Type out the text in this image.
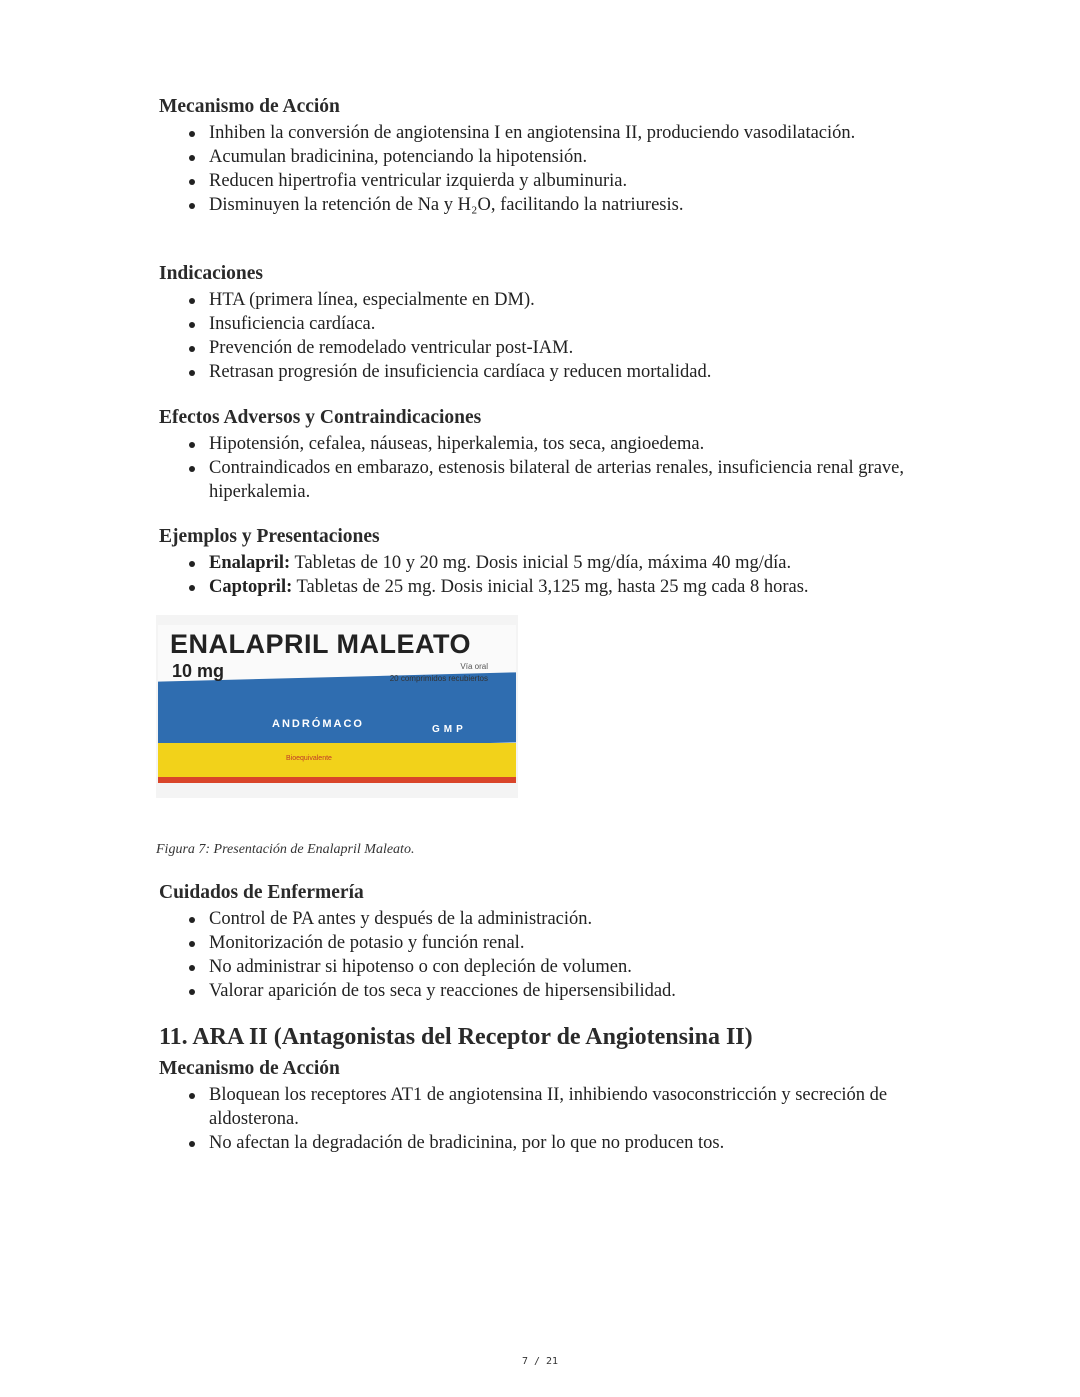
Mecanismo de Acción
Inhiben la conversión de angiotensina I en angiotensina II, produciendo vasodilatación.
Acumulan bradicinina, potenciando la hipotensión.
Reducen hipertrofia ventricular izquierda y albuminuria.
Disminuyen la retención de Na y H₂O, facilitando la natriuresis.
Indicaciones
HTA (primera línea, especialmente en DM).
Insuficiencia cardíaca.
Prevención de remodelado ventricular post-IAM.
Retrasan progresión de insuficiencia cardíaca y reducen mortalidad.
Efectos Adversos y Contraindicaciones
Hipotensión, cefalea, náuseas, hiperkalemia, tos seca, angioedema.
Contraindicados en embarazo, estenosis bilateral de arterias renales, insuficiencia renal grave, hiperkalemia.
Ejemplos y Presentaciones
Enalapril: Tabletas de 10 y 20 mg. Dosis inicial 5 mg/día, máxima 40 mg/día.
Captopril: Tabletas de 25 mg. Dosis inicial 3,125 mg, hasta 25 mg cada 8 horas.
ENALAPRIL MALEATO
10 mg	Vía oral
20 comprimidos recubiertos
ANDRÓMACO	GMP
Bioequivalente
Figura 7: Presentación de Enalapril Maleato.
Cuidados de Enfermería
Control de PA antes y después de la administración.
Monitorización de potasio y función renal.
No administrar si hipotenso o con depleción de volumen.
Valorar aparición de tos seca y reacciones de hipersensibilidad.
11. ARA II (Antagonistas del Receptor de Angiotensina II)
Mecanismo de Acción
Bloquean los receptores AT1 de angiotensina II, inhibiendo vasoconstricción y secreción de aldosterona.
No afectan la degradación de bradicinina, por lo que no producen tos.
7 / 21
